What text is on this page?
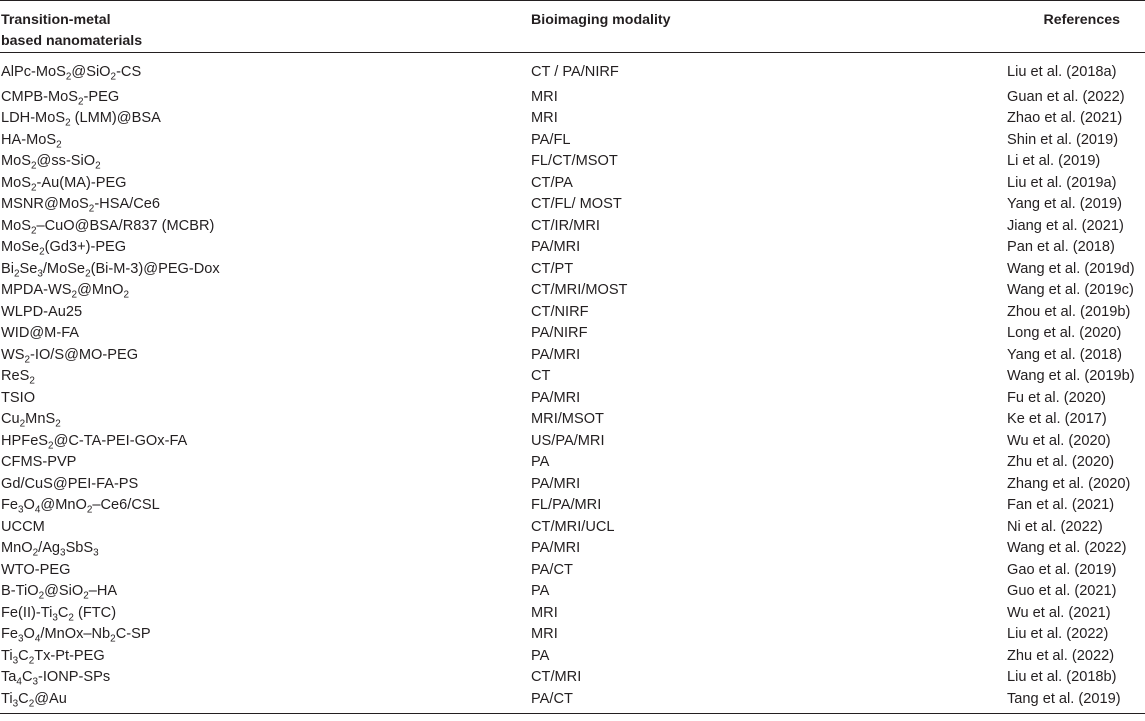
Transition-metal
based nanomaterials	Bioimaging modality	References
AlPc-MoS$_2$@SiO$_2$-CS	CT / PA/NIRF	Liu et al. (2018a)
CMPB-MoS$_2$-PEG	MRI	Guan et al. (2022)
LDH-MoS$_2$ (LMM)@BSA	MRI	Zhao et al. (2021)
HA-MoS$_2$	PA/FL	Shin et al. (2019)
MoS$_2$@ss-SiO$_2$	FL/CT/MSOT	Li et al. (2019)
MoS$_2$-Au(MA)-PEG	CT/PA	Liu et al. (2019a)
MSNR@MoS$_2$-HSA/Ce6	CT/FL/ MOST	Yang et al. (2019)
MoS$_2$–CuO@BSA/R837 (MCBR)	CT/IR/MRI	Jiang et al. (2021)
MoSe$_2$(Gd3+)-PEG	PA/MRI	Pan et al. (2018)
$Bi_2Se_3/MoSe_2(Bi-M-3)@PEG$-Dox	CT/PT	Wang et al. (2019d)
MPDA-$WS_2@MnO_2$	CT/MRI/MOST	Wang et al. (2019c)
WLPD-Au25	CT/NIRF	Zhou et al. (2019b)
WID@M-FA	PA/NIRF	Long et al. (2020)
$WS_2-IO/S@MO$-PEG	PA/MRI	Yang et al. (2018)
ReS$_2$	CT	Wang et al. (2019b)
TSIO	PA/MRI	Fu et al. (2020)
$Cu_2MnS_2$	MRI/MSOT	Ke et al. (2017)
HPFeS$_2$@C-TA-PEI-GOx-FA	US/PA/MRI	Wu et al. (2020)
CFMS-PVP	PA	Zhu et al. (2020)
Gd/CuS@PEI-FA-PS	PA/MRI	Zhang et al. (2020)
$Fe_3O_4@MnO_2-Ce6$/CSL	FL/PA/MRI	Fan et al. (2021)
UCCM	CT/MRI/UCL	Ni et al. (2022)
$MnO_2/Ag_3SbS_3$	PA/MRI	Wang et al. (2022)
WTO-PEG	PA/CT	Gao et al. (2019)
B-TiO$_2$@SiO$_2$–HA	PA	Guo et al. (2021)
$Fe(II)-Ti_3C_2$ (FTC)	MRI	Wu et al. (2021)
$Fe_3O_4/MnOx-Nb_2C-SP$	MRI	Liu et al. (2022)
$Ti_3C_2Tx-Pt$-PEG	PA	Zhu et al. (2022)
$Ta_4C_3-IONP$-SPs	CT/MRI	Liu et al. (2018b)
$Ti_3C_2@Au$	PA/CT	Tang et al. (2019)
